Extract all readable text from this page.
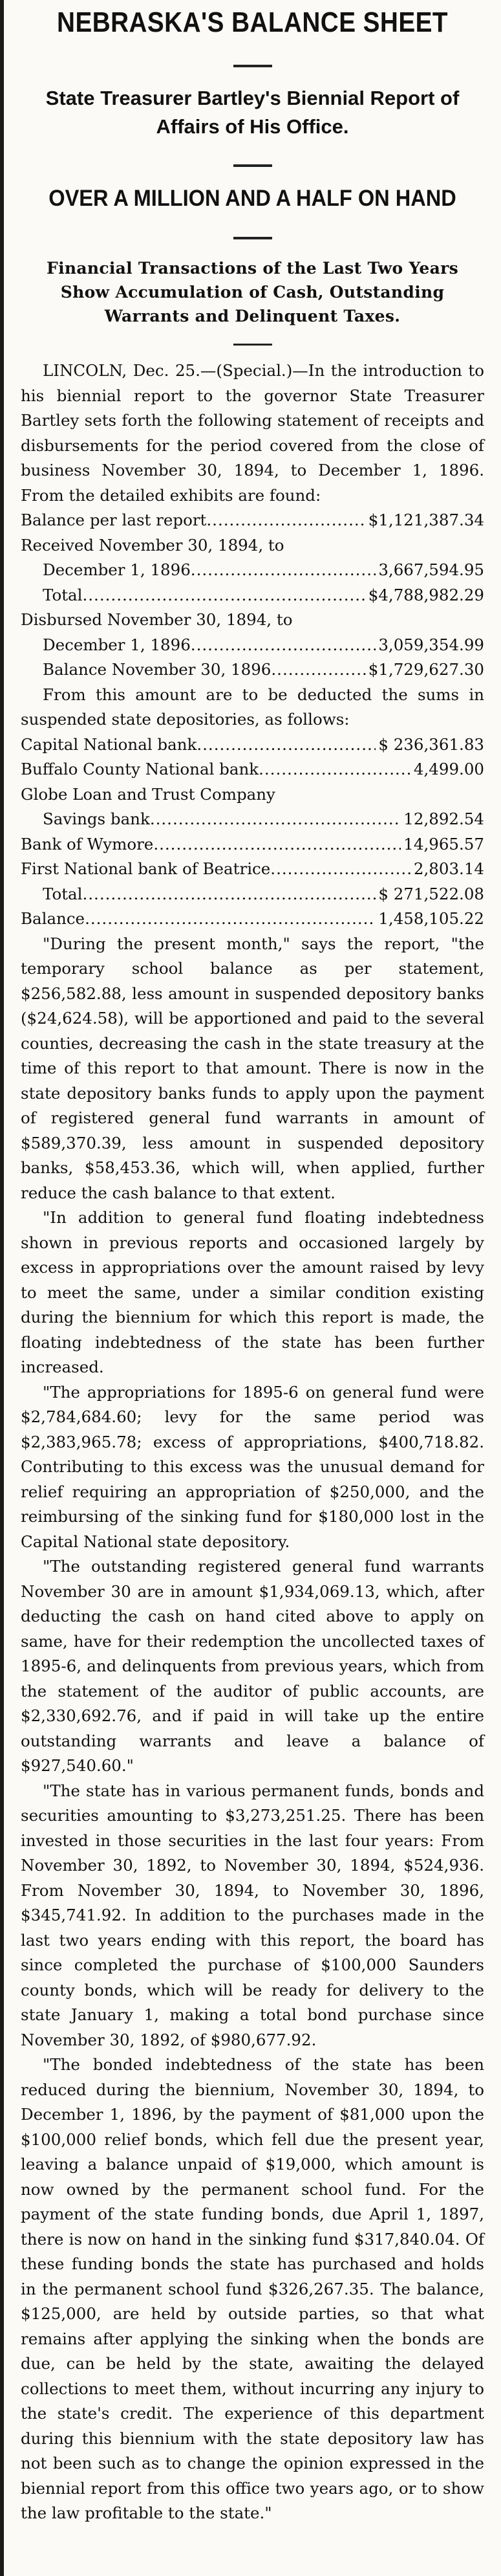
NEBRASKA'S BALANCE SHEET
State Treasurer Bartley's Biennial Report of Affairs of His Office.
OVER A MILLION AND A HALF ON HAND
Financial Transactions of the Last Two Years Show Accumulation of Cash, Outstanding Warrants and Delinquent Taxes.

LINCOLN, Dec. 25.—(Special.)—In the introduction to his biennial report to the governor State Treasurer Bartley sets forth the following statement of receipts and disbursements for the period covered from the close of business November 30, 1894, to December 1, 1896. From the detailed exhibits are found:

Balance per last report .....	$1,121,387.34
Received November 30, 1894, to
December 1, 1896 .....	3,667,594.95
Total .....	$4,788,982.29
Disbursed November 30, 1894, to
December 1, 1896 .....	3,059,354.99
Balance November 30, 1896 .....	$1,729,627.30

From this amount are to be deducted the sums in suspended state depositories, as follows:

Capital National bank .....	$ 236,361.83
Buffalo County National bank .....	4,499.00
Globe Loan and Trust Company
Savings bank .....	12,892.54
Bank of Wymore .....	14,965.57
First National bank of Beatrice .....	2,803.14
Total .....	$ 271,522.08
Balance .....	1,458,105.22

"During the present month," says the report, "the temporary school balance as per statement, $256,582.88, less amount in suspended depository banks ($24,624.58), will be apportioned and paid to the several counties, decreasing the cash in the state treasury at the time of this report to that amount. There is now in the state depository banks funds to apply upon the payment of registered general fund warrants in amount of $589,370.39, less amount in suspended depository banks, $58,453.36, which will, when applied, further reduce the cash balance to that extent.

"In addition to general fund floating indebtedness shown in previous reports and occasioned largely by excess in appropriations over the amount raised by levy to meet the same, under a similar condition existing during the biennium for which this report is made, the floating indebtedness of the state has been further increased.

"The appropriations for 1895-6 on general fund were $2,784,684.60; levy for the same period was $2,383,965.78; excess of appropriations, $400,718.82. Contributing to this excess was the unusual demand for relief requiring an appropriation of $250,000, and the reimbursing of the sinking fund for $180,000 lost in the Capital National state depository.

"The outstanding registered general fund warrants November 30 are in amount $1,934,069.13, which, after deducting the cash on hand cited above to apply on same, have for their redemption the uncollected taxes of 1895-6, and delinquents from previous years, which from the statement of the auditor of public accounts, are $2,330,692.76, and if paid in will take up the entire outstanding warrants and leave a balance of $927,540.60."

"The state has in various permanent funds, bonds and securities amounting to $3,273,251.25. There has been invested in those securities in the last four years: From November 30, 1892, to November 30, 1894, $524,936. From November 30, 1894, to November 30, 1896, $345,741.92. In addition to the purchases made in the last two years ending with this report, the board has since completed the purchase of $100,000 Saunders county bonds, which will be ready for delivery to the state January 1, making a total bond purchase since November 30, 1892, of $980,677.92.

"The bonded indebtedness of the state has been reduced during the biennium, November 30, 1894, to December 1, 1896, by the payment of $81,000 upon the $100,000 relief bonds, which fell due the present year, leaving a balance unpaid of $19,000, which amount is now owned by the permanent school fund. For the payment of the state funding bonds, due April 1, 1897, there is now on hand in the sinking fund $317,840.04. Of these funding bonds the state has purchased and holds in the permanent school fund $326,267.35. The balance, $125,000, are held by outside parties, so that what remains after applying the sinking when the bonds are due, can be held by the state, awaiting the delayed collections to meet them, without incurring any injury to the state's credit. The experience of this department during this biennium with the state depository law has not been such as to change the opinion expressed in the biennial report from this office two years ago, or to show the law profitable to the state."
